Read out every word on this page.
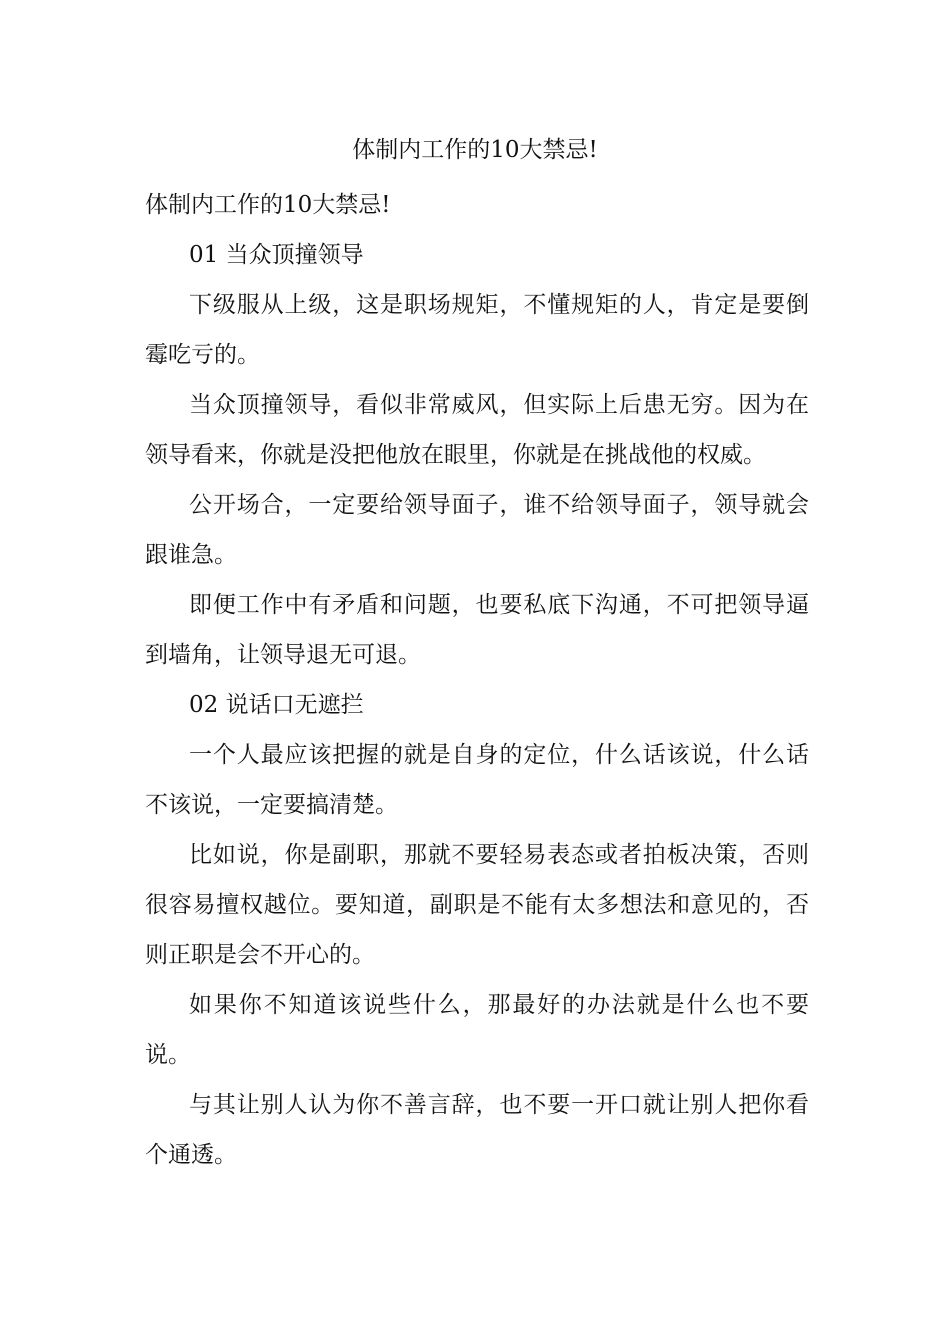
体制内工作的10大禁忌!

体制内工作的10大禁忌!

01 当众顶撞领导

下级服从上级，这是职场规矩，不懂规矩的人，肯定是要倒霉吃亏的。

当众顶撞领导，看似非常威风，但实际上后患无穷。因为在领导看来，你就是没把他放在眼里，你就是在挑战他的权威。

公开场合，一定要给领导面子，谁不给领导面子，领导就会跟谁急。

即便工作中有矛盾和问题，也要私底下沟通，不可把领导逼到墙角，让领导退无可退。

02 说话口无遮拦

一个人最应该把握的就是自身的定位，什么话该说，什么话不该说，一定要搞清楚。

比如说，你是副职，那就不要轻易表态或者拍板决策，否则很容易擅权越位。要知道，副职是不能有太多想法和意见的，否则正职是会不开心的。

如果你不知道该说些什么，那最好的办法就是什么也不要说。

与其让别人认为你不善言辞，也不要一开口就让别人把你看个通透。
